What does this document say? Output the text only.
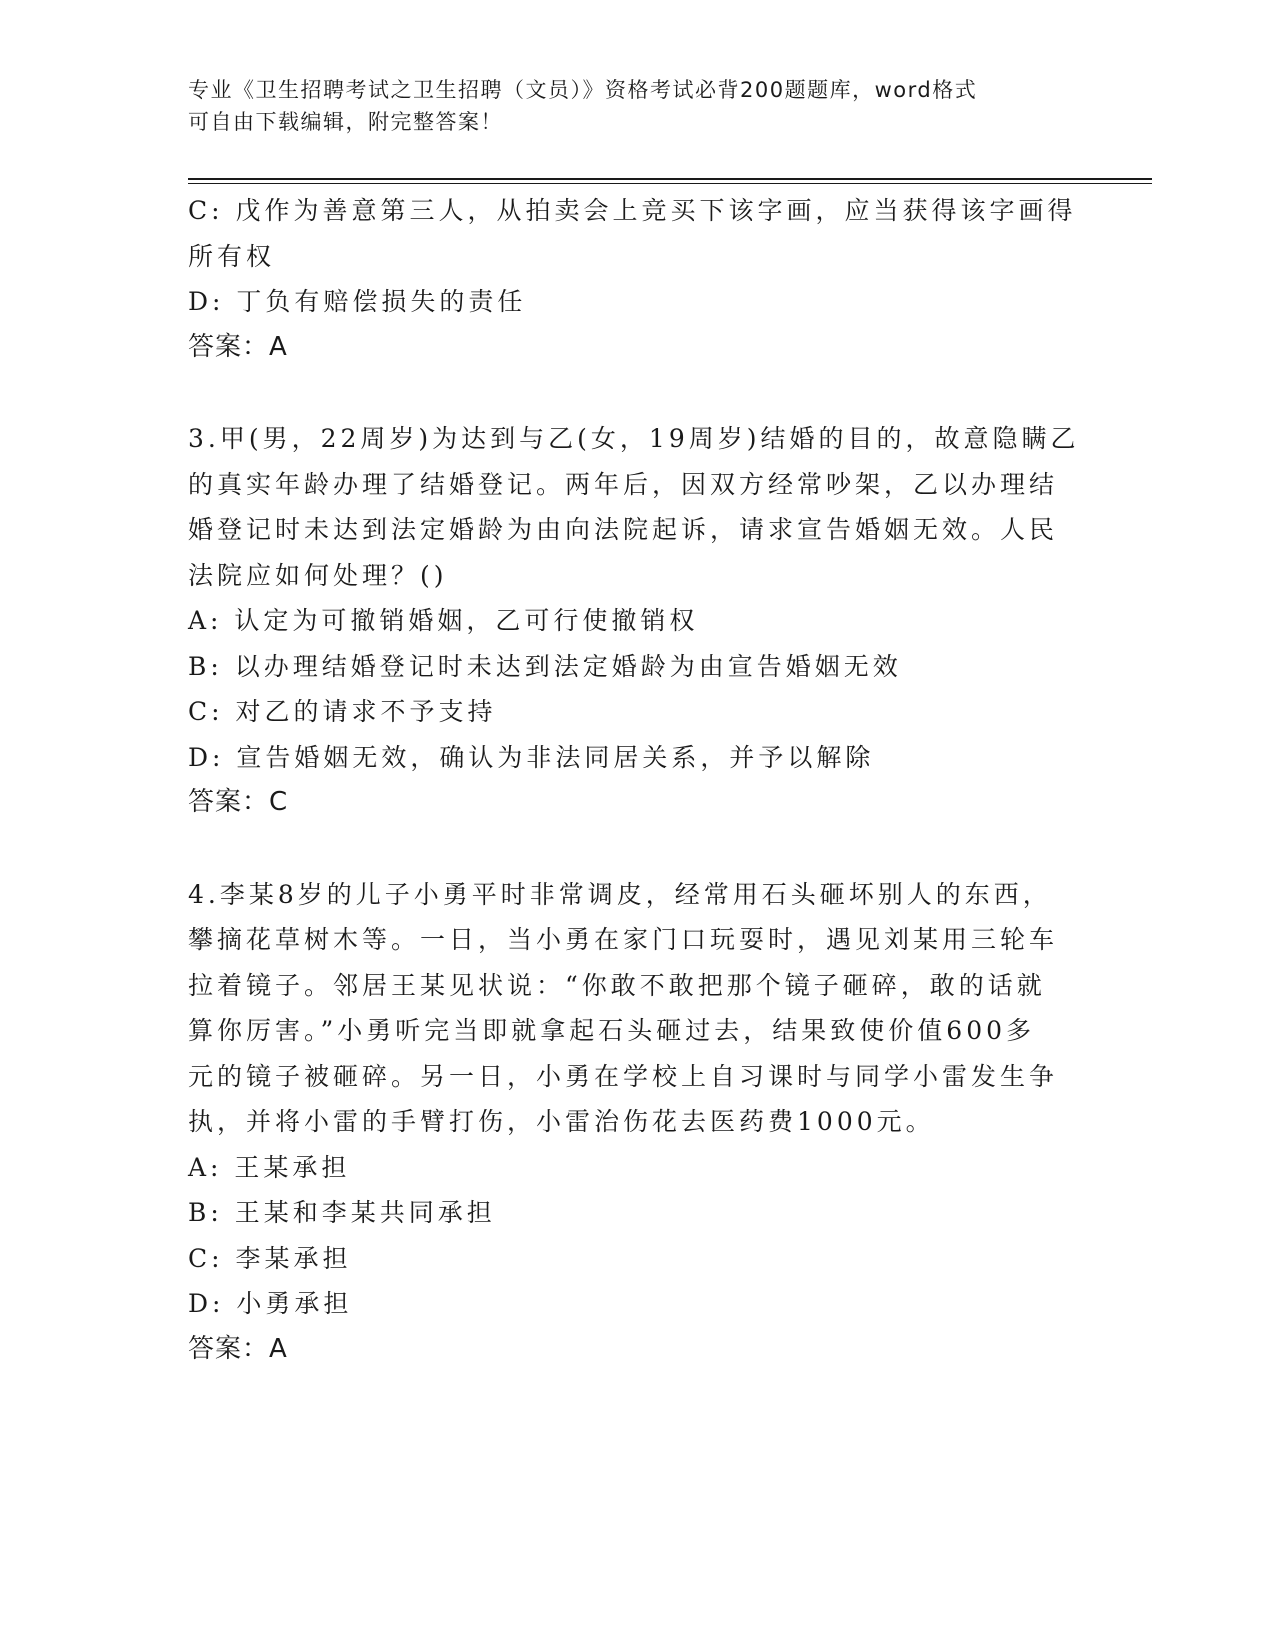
专业《卫生招聘考试之卫生招聘（文员）》资格考试必背200题题库，word格式

可自由下载编辑，附完整答案！

C: 戊作为善意第三人，从拍卖会上竞买下该字画，应当获得该字画得

所有权

D: 丁负有赔偿损失的责任

答案：A

3.甲(男，22周岁)为达到与乙(女，19周岁)结婚的目的，故意隐瞒乙

的真实年龄办理了结婚登记。两年后，因双方经常吵架，乙以办理结

婚登记时未达到法定婚龄为由向法院起诉，请求宣告婚姻无效。人民

法院应如何处理？()

A: 认定为可撤销婚姻，乙可行使撤销权

B: 以办理结婚登记时未达到法定婚龄为由宣告婚姻无效

C: 对乙的请求不予支持

D: 宣告婚姻无效，确认为非法同居关系，并予以解除

答案：C

4.李某8岁的儿子小勇平时非常调皮，经常用石头砸坏别人的东西，

攀摘花草树木等。一日，当小勇在家门口玩耍时，遇见刘某用三轮车

拉着镜子。邻居王某见状说：“你敢不敢把那个镜子砸碎，敢的话就

算你厉害。”小勇听完当即就拿起石头砸过去，结果致使价值600多

元的镜子被砸碎。另一日，小勇在学校上自习课时与同学小雷发生争

执，并将小雷的手臂打伤，小雷治伤花去医药费1000元。

A: 王某承担

B: 王某和李某共同承担

C: 李某承担

D: 小勇承担

答案：A
